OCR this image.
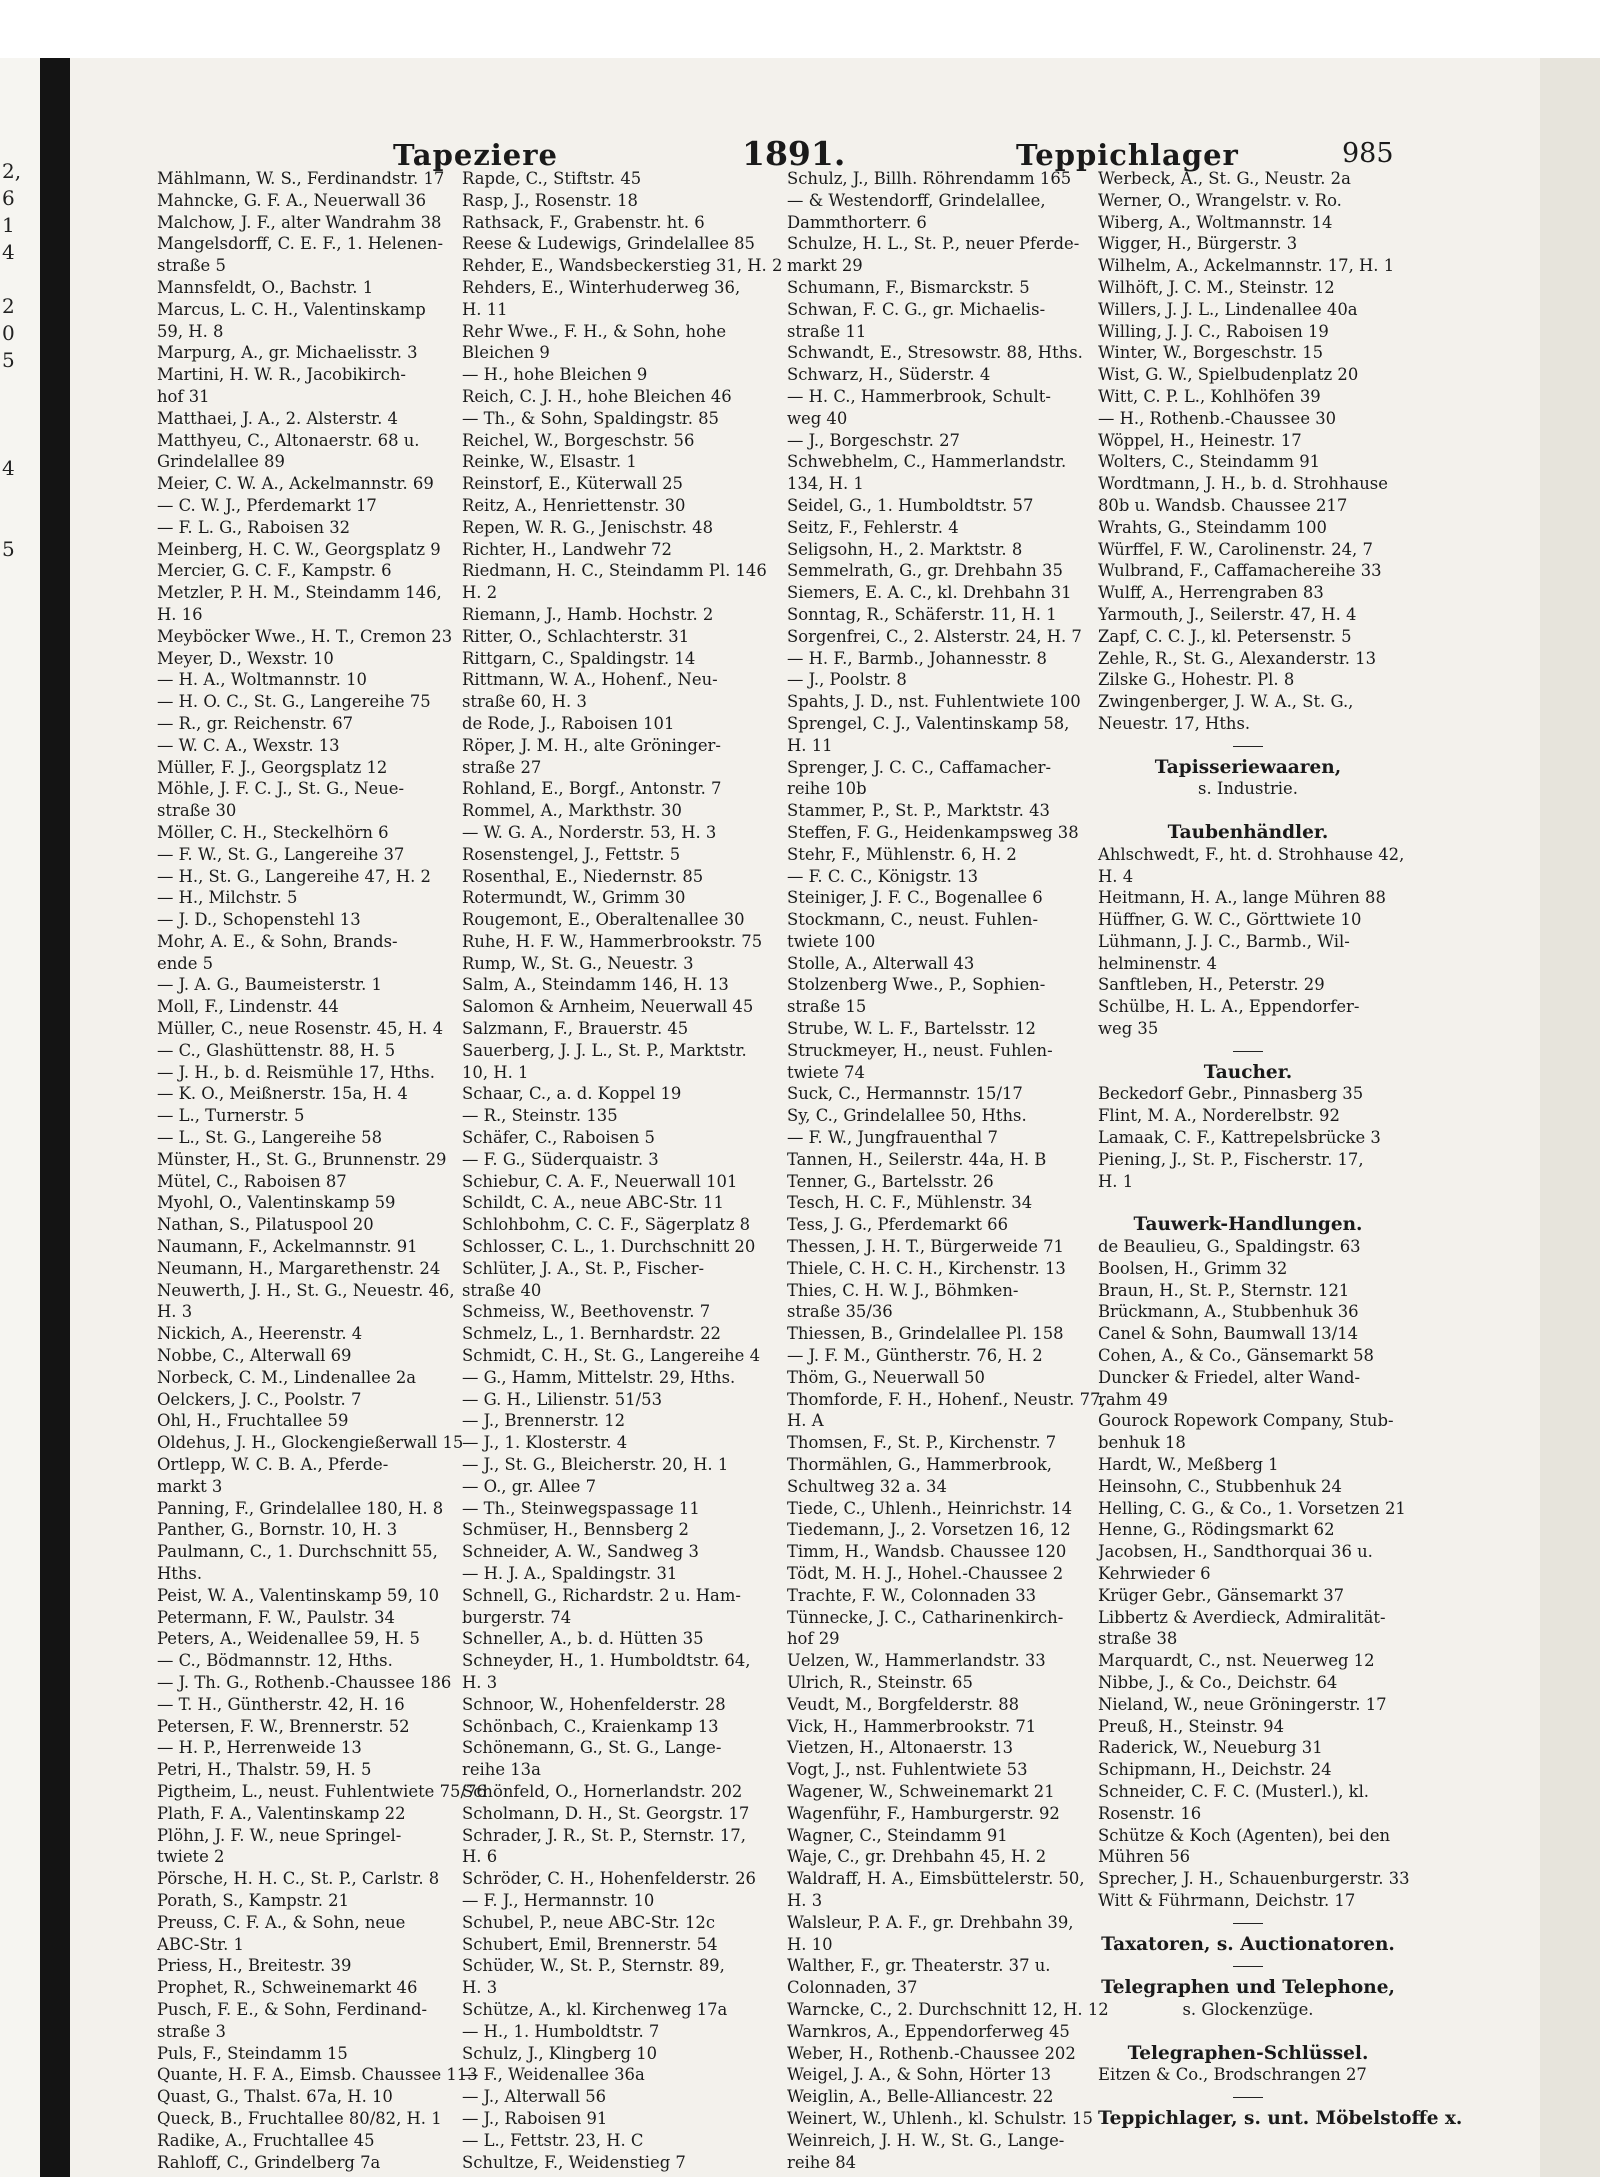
2,
6
1
4
2
0
5
4
5
Tapeziere	1891.	Teppichlager	985
Mählmann, W. S., Ferdinandstr. 17
Mahncke, G. F. A., Neuerwall 36
Malchow, J. F., alter Wandrahm 38
Mangelsdorff, C. E. F., 1. Helenen-
straße 5
Mannsfeldt, O., Bachstr. 1
Marcus, L. C. H., Valentinskamp
59, H. 8
Marpurg, A., gr. Michaelisstr. 3
Martini, H. W. R., Jacobikirch-
hof 31
Matthaei, J. A., 2. Alsterstr. 4
Matthyeu, C., Altonaerstr. 68 u.
Grindelallee 89
Meier, C. W. A., Ackelmannstr. 69
— C. W. J., Pferdemarkt 17
— F. L. G., Raboisen 32
Meinberg, H. C. W., Georgsplatz 9
Mercier, G. C. F., Kampstr. 6
Metzler, P. H. M., Steindamm 146,
H. 16
Meyböcker Wwe., H. T., Cremon 23
Meyer, D., Wexstr. 10
— H. A., Woltmannstr. 10
— H. O. C., St. G., Langereihe 75
— R., gr. Reichenstr. 67
— W. C. A., Wexstr. 13
Müller, F. J., Georgsplatz 12
Möhle, J. F. C. J., St. G., Neue-
straße 30
Möller, C. H., Steckelhörn 6
— F. W., St. G., Langereihe 37
— H., St. G., Langereihe 47, H. 2
— H., Milchstr. 5
— J. D., Schopenstehl 13
Mohr, A. E., & Sohn, Brands-
ende 5
— J. A. G., Baumeisterstr. 1
Moll, F., Lindenstr. 44
Müller, C., neue Rosenstr. 45, H. 4
— C., Glashüttenstr. 88, H. 5
— J. H., b. d. Reismühle 17, Hths.
— K. O., Meißnerstr. 15a, H. 4
— L., Turnerstr. 5
— L., St. G., Langereihe 58
Münster, H., St. G., Brunnenstr. 29
Mütel, C., Raboisen 87
Myohl, O., Valentinskamp 59
Nathan, S., Pilatuspool 20
Naumann, F., Ackelmannstr. 91
Neumann, H., Margarethenstr. 24
Neuwerth, J. H., St. G., Neuestr. 46,
H. 3
Nickich, A., Heerenstr. 4
Nobbe, C., Alterwall 69
Norbeck, C. M., Lindenallee 2a
Oelckers, J. C., Poolstr. 7
Ohl, H., Fruchtallee 59
Oldehus, J. H., Glockengießerwall 15
Ortlepp, W. C. B. A., Pferde-
markt 3
Panning, F., Grindelallee 180, H. 8
Panther, G., Bornstr. 10, H. 3
Paulmann, C., 1. Durchschnitt 55,
Hths.
Peist, W. A., Valentinskamp 59, 10
Petermann, F. W., Paulstr. 34
Peters, A., Weidenallee 59, H. 5
— C., Bödmannstr. 12, Hths.
— J. Th. G., Rothenb.-Chaussee 186
— T. H., Güntherstr. 42, H. 16
Petersen, F. W., Brennerstr. 52
— H. P., Herrenweide 13
Petri, H., Thalstr. 59, H. 5
Pigtheim, L., neust. Fuhlentwiete 75/76
Plath, F. A., Valentinskamp 22
Plöhn, J. F. W., neue Springel-
twiete 2
Pörsche, H. H. C., St. P., Carlstr. 8
Porath, S., Kampstr. 21
Preuss, C. F. A., & Sohn, neue
ABC-Str. 1
Priess, H., Breitestr. 39
Prophet, R., Schweinemarkt 46
Pusch, F. E., & Sohn, Ferdinand-
straße 3
Puls, F., Steindamm 15
Quante, H. F. A., Eimsb. Chaussee 113
Quast, G., Thalst. 67a, H. 10
Queck, B., Fruchtallee 80/82, H. 1
Radike, A., Fruchtallee 45
Rahloff, C., Grindelberg 7a
Rapde, C., Stiftstr. 45
Rasp, J., Rosenstr. 18
Rathsack, F., Grabenstr. ht. 6
Reese & Ludewigs, Grindelallee 85
Rehder, E., Wandsbeckerstieg 31, H. 2
Rehders, E., Winterhuderweg 36,
H. 11
Rehr Wwe., F. H., & Sohn, hohe
Bleichen 9
— H., hohe Bleichen 9
Reich, C. J. H., hohe Bleichen 46
— Th., & Sohn, Spaldingstr. 85
Reichel, W., Borgeschstr. 56
Reinke, W., Elsastr. 1
Reinstorf, E., Küterwall 25
Reitz, A., Henriettenstr. 30
Repen, W. R. G., Jenischstr. 48
Richter, H., Landwehr 72
Riedmann, H. C., Steindamm Pl. 146
H. 2
Riemann, J., Hamb. Hochstr. 2
Ritter, O., Schlachterstr. 31
Rittgarn, C., Spaldingstr. 14
Rittmann, W. A., Hohenf., Neu-
straße 60, H. 3
de Rode, J., Raboisen 101
Röper, J. M. H., alte Gröninger-
straße 27
Rohland, E., Borgf., Antonstr. 7
Rommel, A., Markthstr. 30
— W. G. A., Norderstr. 53, H. 3
Rosenstengel, J., Fettstr. 5
Rosenthal, E., Niedernstr. 85
Rotermundt, W., Grimm 30
Rougemont, E., Oberaltenallee 30
Ruhe, H. F. W., Hammerbrookstr. 75
Rump, W., St. G., Neuestr. 3
Salm, A., Steindamm 146, H. 13
Salomon & Arnheim, Neuerwall 45
Salzmann, F., Brauerstr. 45
Sauerberg, J. J. L., St. P., Marktstr.
10, H. 1
Schaar, C., a. d. Koppel 19
— R., Steinstr. 135
Schäfer, C., Raboisen 5
— F. G., Süderquaistr. 3
Schiebur, C. A. F., Neuerwall 101
Schildt, C. A., neue ABC-Str. 11
Schlohbohm, C. C. F., Sägerplatz 8
Schlosser, C. L., 1. Durchschnitt 20
Schlüter, J. A., St. P., Fischer-
straße 40
Schmeiss, W., Beethovenstr. 7
Schmelz, L., 1. Bernhardstr. 22
Schmidt, C. H., St. G., Langereihe 4
— G., Hamm, Mittelstr. 29, Hths.
— G. H., Lilienstr. 51/53
— J., Brennerstr. 12
— J., 1. Klosterstr. 4
— J., St. G., Bleicherstr. 20, H. 1
— O., gr. Allee 7
— Th., Steinwegspassage 11
Schmüser, H., Bennsberg 2
Schneider, A. W., Sandweg 3
— H. J. A., Spaldingstr. 31
Schnell, G., Richardstr. 2 u. Ham-
burgerstr. 74
Schneller, A., b. d. Hütten 35
Schneyder, H., 1. Humboldtstr. 64,
H. 3
Schnoor, W., Hohenfelderstr. 28
Schönbach, C., Kraienkamp 13
Schönemann, G., St. G., Lange-
reihe 13a
Schönfeld, O., Hornerlandstr. 202
Scholmann, D. H., St. Georgstr. 17
Schrader, J. R., St. P., Sternstr. 17,
H. 6
Schröder, C. H., Hohenfelderstr. 26
— F. J., Hermannstr. 10
Schubel, P., neue ABC-Str. 12c
Schubert, Emil, Brennerstr. 54
Schüder, W., St. P., Sternstr. 89,
H. 3
Schütze, A., kl. Kirchenweg 17a
— H., 1. Humboldtstr. 7
Schulz, J., Klingberg 10
— F., Weidenallee 36a
— J., Alterwall 56
— J., Raboisen 91
— L., Fettstr. 23, H. C
Schultze, F., Weidenstieg 7
Schulz, J., Billh. Röhrendamm 165
— & Westendorff, Grindelallee,
Dammthorterr. 6
Schulze, H. L., St. P., neuer Pferde-
markt 29
Schumann, F., Bismarckstr. 5
Schwan, F. C. G., gr. Michaelis-
straße 11
Schwandt, E., Stresowstr. 88, Hths.
Schwarz, H., Süderstr. 4
— H. C., Hammerbrook, Schult-
weg 40
— J., Borgeschstr. 27
Schwebhelm, C., Hammerlandstr.
134, H. 1
Seidel, G., 1. Humboldtstr. 57
Seitz, F., Fehlerstr. 4
Seligsohn, H., 2. Marktstr. 8
Semmelrath, G., gr. Drehbahn 35
Siemers, E. A. C., kl. Drehbahn 31
Sonntag, R., Schäferstr. 11, H. 1
Sorgenfrei, C., 2. Alsterstr. 24, H. 7
— H. F., Barmb., Johannesstr. 8
— J., Poolstr. 8
Spahts, J. D., nst. Fuhlentwiete 100
Sprengel, C. J., Valentinskamp 58,
H. 11
Sprenger, J. C. C., Caffamacher-
reihe 10b
Stammer, P., St. P., Marktstr. 43
Steffen, F. G., Heidenkampsweg 38
Stehr, F., Mühlenstr. 6, H. 2
— F. C. C., Königstr. 13
Steiniger, J. F. C., Bogenallee 6
Stockmann, C., neust. Fuhlen-
twiete 100
Stolle, A., Alterwall 43
Stolzenberg Wwe., P., Sophien-
straße 15
Strube, W. L. F., Bartelsstr. 12
Struckmeyer, H., neust. Fuhlen-
twiete 74
Suck, C., Hermannstr. 15/17
Sy, C., Grindelallee 50, Hths.
— F. W., Jungfrauenthal 7
Tannen, H., Seilerstr. 44a, H. B
Tenner, G., Bartelsstr. 26
Tesch, H. C. F., Mühlenstr. 34
Tess, J. G., Pferdemarkt 66
Thessen, J. H. T., Bürgerweide 71
Thiele, C. H. C. H., Kirchenstr. 13
Thies, C. H. W. J., Böhmken-
straße 35/36
Thiessen, B., Grindelallee Pl. 158
— J. F. M., Güntherstr. 76, H. 2
Thöm, G., Neuerwall 50
Thomforde, F. H., Hohenf., Neustr. 77,
H. A
Thomsen, F., St. P., Kirchenstr. 7
Thormählen, G., Hammerbrook,
Schultweg 32 a. 34
Tiede, C., Uhlenh., Heinrichstr. 14
Tiedemann, J., 2. Vorsetzen 16, 12
Timm, H., Wandsb. Chaussee 120
Tödt, M. H. J., Hohel.-Chaussee 2
Trachte, F. W., Colonnaden 33
Tünnecke, J. C., Catharinenkirch-
hof 29
Uelzen, W., Hammerlandstr. 33
Ulrich, R., Steinstr. 65
Veudt, M., Borgfelderstr. 88
Vick, H., Hammerbrookstr. 71
Vietzen, H., Altonaerstr. 13
Vogt, J., nst. Fuhlentwiete 53
Wagener, W., Schweinemarkt 21
Wagenführ, F., Hamburgerstr. 92
Wagner, C., Steindamm 91
Waje, C., gr. Drehbahn 45, H. 2
Waldraff, H. A., Eimsbüttelerstr. 50,
H. 3
Walsleur, P. A. F., gr. Drehbahn 39,
H. 10
Walther, F., gr. Theaterstr. 37 u.
Colonnaden, 37
Warncke, C., 2. Durchschnitt 12, H. 12
Warnkros, A., Eppendorferweg 45
Weber, H., Rothenb.-Chaussee 202
Weigel, J. A., & Sohn, Hörter 13
Weiglin, A., Belle-Alliancestr. 22
Weinert, W., Uhlenh., kl. Schulstr. 15
Weinreich, J. H. W., St. G., Lange-
reihe 84
Werbeck, A., St. G., Neustr. 2a
Werner, O., Wrangelstr. v. Ro.
Wiberg, A., Woltmannstr. 14
Wigger, H., Bürgerstr. 3
Wilhelm, A., Ackelmannstr. 17, H. 1
Wilhöft, J. C. M., Steinstr. 12
Willers, J. J. L., Lindenallee 40a
Willing, J. J. C., Raboisen 19
Winter, W., Borgeschstr. 15
Wist, G. W., Spielbudenplatz 20
Witt, C. P. L., Kohlhöfen 39
— H., Rothenb.-Chaussee 30
Wöppel, H., Heinestr. 17
Wolters, C., Steindamm 91
Wordtmann, J. H., b. d. Strohhause
80b u. Wandsb. Chaussee 217
Wrahts, G., Steindamm 100
Würffel, F. W., Carolinenstr. 24, 7
Wulbrand, F., Caffamachereihe 33
Wulff, A., Herrengraben 83
Yarmouth, J., Seilerstr. 47, H. 4
Zapf, C. C. J., kl. Petersenstr. 5
Zehle, R., St. G., Alexanderstr. 13
Zilske G., Hohestr. Pl. 8
Zwingenberger, J. W. A., St. G.,
Neuestr. 17, Hths.
Tapisseriewaaren,
s. Industrie.
Taubenhändler.
Ahlschwedt, F., ht. d. Strohhause 42,
H. 4
Heitmann, H. A., lange Mühren 88
Hüffner, G. W. C., Görttwiete 10
Lühmann, J. J. C., Barmb., Wil-
helminenstr. 4
Sanftleben, H., Peterstr. 29
Schülbe, H. L. A., Eppendorfer-
weg 35
Taucher.
Beckedorf Gebr., Pinnasberg 35
Flint, M. A., Norderelbstr. 92
Lamaak, C. F., Kattrepelsbrücke 3
Piening, J., St. P., Fischerstr. 17,
H. 1
Tauwerk-Handlungen.
de Beaulieu, G., Spaldingstr. 63
Boolsen, H., Grimm 32
Braun, H., St. P., Sternstr. 121
Brückmann, A., Stubbenhuk 36
Canel & Sohn, Baumwall 13/14
Cohen, A., & Co., Gänsemarkt 58
Duncker & Friedel, alter Wand-
rahm 49
Gourock Ropework Company, Stub-
benhuk 18
Hardt, W., Meßberg 1
Heinsohn, C., Stubbenhuk 24
Helling, C. G., & Co., 1. Vorsetzen 21
Henne, G., Rödingsmarkt 62
Jacobsen, H., Sandthorquai 36 u.
Kehrwieder 6
Krüger Gebr., Gänsemarkt 37
Libbertz & Averdieck, Admiralität-
straße 38
Marquardt, C., nst. Neuerweg 12
Nibbe, J., & Co., Deichstr. 64
Nieland, W., neue Gröningerstr. 17
Preuß, H., Steinstr. 94
Raderick, W., Neueburg 31
Schipmann, H., Deichstr. 24
Schneider, C. F. C. (Musterl.), kl.
Rosenstr. 16
Schütze & Koch (Agenten), bei den
Mühren 56
Sprecher, J. H., Schauenburgerstr. 33
Witt & Führmann, Deichstr. 17
Taxatoren, s. Auctionatoren.
Telegraphen und Telephone,
s. Glockenzüge.
Telegraphen-Schlüssel.
Eitzen & Co., Brodschrangen 27
Teppichlager, s. unt. Möbelstoffe x.
